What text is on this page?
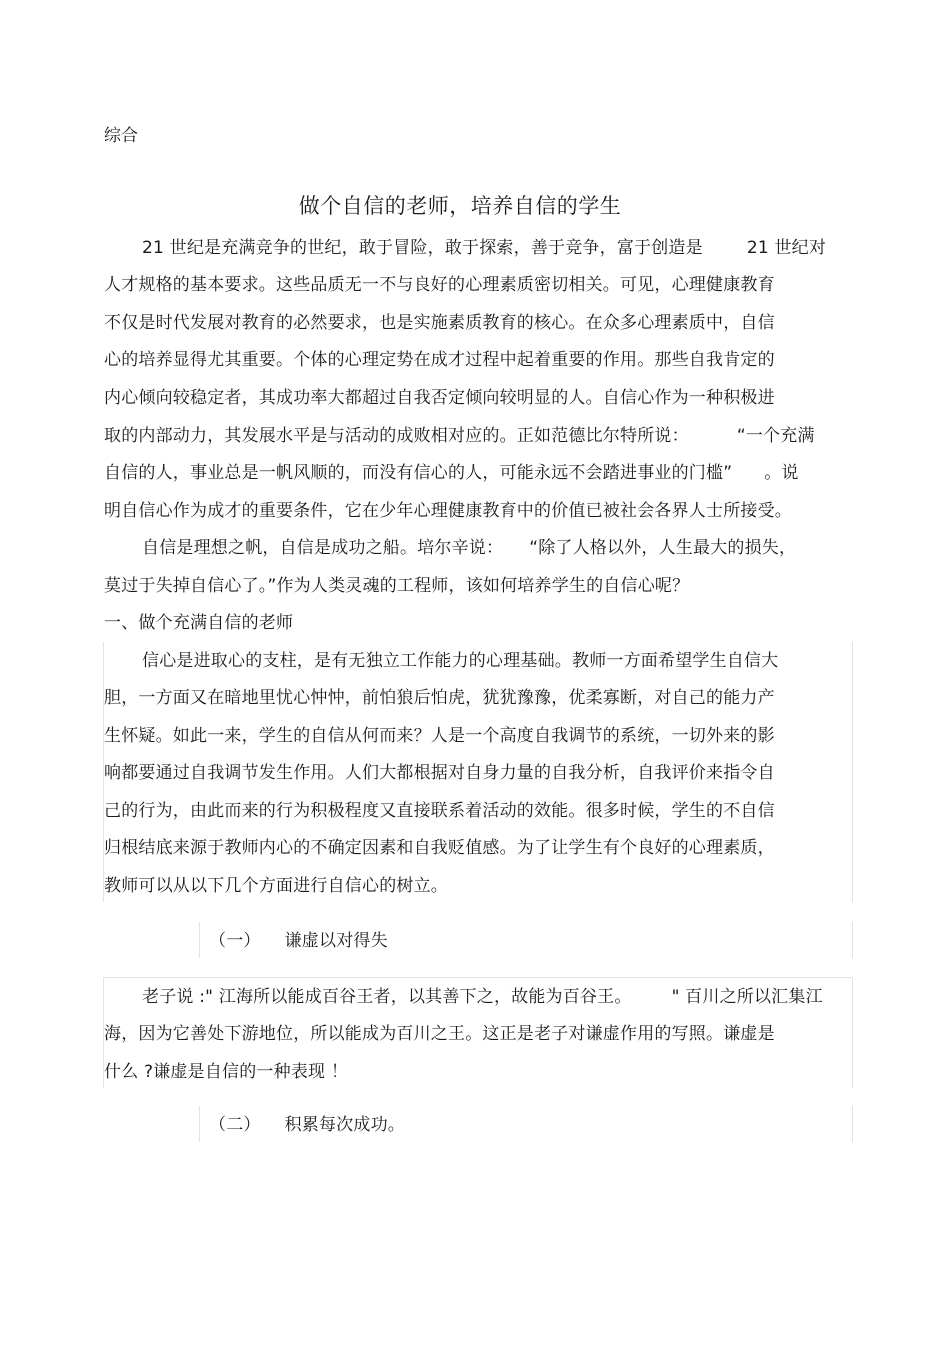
综合
做个自信的老师，培养自信的学生
21 世纪是充满竞争的世纪，敢于冒险，敢于探索，善于竞争，富于创造是	21 世纪对
人才规格的基本要求。这些品质无一不与良好的心理素质密切相关。可见，心理健康教育
不仅是时代发展对教育的必然要求，也是实施素质教育的核心。在众多心理素质中，自信
心的培养显得尤其重要。个体的心理定势在成才过程中起着重要的作用。那些自我肯定的
内心倾向较稳定者，其成功率大都超过自我否定倾向较明显的人。自信心作为一种积极进
取的内部动力，其发展水平是与活动的成败相对应的。正如范德比尔特所说：	“一个充满
自信的人，事业总是一帆风顺的，而没有信心的人，可能永远不会踏进事业的门槛” 。说
明自信心作为成才的重要条件，它在少年心理健康教育中的价值已被社会各界人士所接受。
自信是理想之帆，自信是成功之船。培尔辛说： “除了人格以外，人生最大的损失，
莫过于失掉自信心了。”作为人类灵魂的工程师，该如何培养学生的自信心呢？
一、做个充满自信的老师
信心是进取心的支柱，是有无独立工作能力的心理基础。教师一方面希望学生自信大
胆，一方面又在暗地里忧心忡忡，前怕狼后怕虎，犹犹豫豫，优柔寡断，对自己的能力产
生怀疑。如此一来，学生的自信从何而来？人是一个高度自我调节的系统，一切外来的影
响都要通过自我调节发生作用。人们大都根据对自身力量的自我分析，自我评价来指令自
己的行为，由此而来的行为积极程度又直接联系着活动的效能。很多时候，学生的不自信
归根结底来源于教师内心的不确定因素和自我贬值感。为了让学生有个良好的心理素质，
教师可以从以下几个方面进行自信心的树立。
（一） 谦虚以对得失
老子说 :" 江海所以能成百谷王者，以其善下之，故能为百谷王。 " 百川之所以汇集江
海，因为它善处下游地位，所以能成为百川之王。这正是老子对谦虚作用的写照。谦虚是
什么 ?谦虚是自信的一种表现 ！
（二） 积累每次成功。
